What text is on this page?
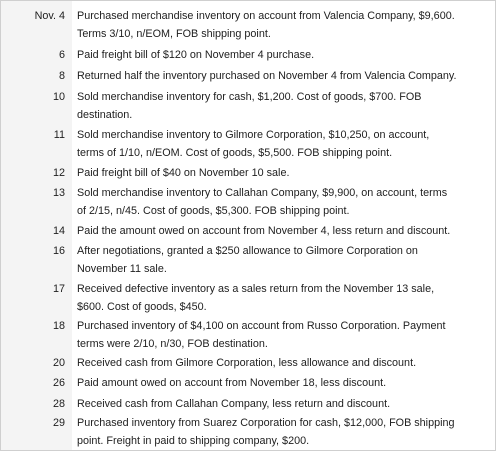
Nov. 4 Purchased merchandise inventory on account from Valencia Company, $9,600.
Terms 3/10, n/EOM, FOB shipping point.
6 Paid freight bill of $120 on November 4 purchase.
8 Returned half the inventory purchased on November 4 from Valencia Company.
10 Sold merchandise inventory for cash, $1,200. Cost of goods, $700. FOB
destination.
11 Sold merchandise inventory to Gilmore Corporation, $10,250, on account,
terms of 1/10, n/EOM. Cost of goods, $5,500. FOB shipping point.
12 Paid freight bill of $40 on November 10 sale.
13 Sold merchandise inventory to Callahan Company, $9,900, on account, terms
of 2/15, n/45. Cost of goods, $5,300. FOB shipping point.
14 Paid the amount owed on account from November 4, less return and discount.
16 After negotiations, granted a $250 allowance to Gilmore Corporation on
November 11 sale.
17 Received defective inventory as a sales return from the November 13 sale,
$600. Cost of goods, $450.
18 Purchased inventory of $4,100 on account from Russo Corporation. Payment
terms were 2/10, n/30, FOB destination.
20 Received cash from Gilmore Corporation, less allowance and discount.
26 Paid amount owed on account from November 18, less discount.
28 Received cash from Callahan Company, less return and discount.
29 Purchased inventory from Suarez Corporation for cash, $12,000, FOB shipping
point. Freight in paid to shipping company, $200.
